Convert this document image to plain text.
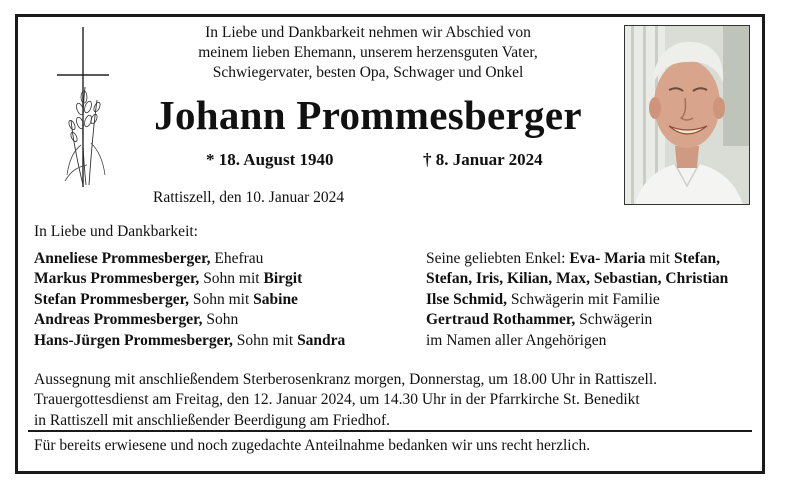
In Liebe und Dankbarkeit nehmen wir Abschied von
meinem lieben Ehemann, unserem herzensguten Vater,
Schwiegervater, besten Opa, Schwager und Onkel

Johann Prommesberger
* 18. August 1940	† 8. Januar 2024
Rattiszell, den 10. Januar 2024
In Liebe und Dankbarkeit:
Anneliese Prommesberger, Ehefrau
Markus Prommesberger, Sohn mit Birgit
Stefan Prommesberger, Sohn mit Sabine
Andreas Prommesberger, Sohn
Hans-Jürgen Prommesberger, Sohn mit Sandra
Seine geliebten Enkel: Eva- Maria mit Stefan,
Stefan, Iris, Kilian, Max, Sebastian, Christian
Ilse Schmid, Schwägerin mit Familie
Gertraud Rothammer, Schwägerin
im Namen aller Angehörigen
Aussegnung mit anschließendem Sterberosenkranz morgen, Donnerstag, um 18.00 Uhr in Rattiszell.
Trauergottesdienst am Freitag, den 12. Januar 2024, um 14.30 Uhr in der Pfarrkirche St. Benedikt
in Rattiszell mit anschließender Beerdigung am Friedhof.
Für bereits erwiesene und noch zugedachte Anteilnahme bedanken wir uns recht herzlich.
